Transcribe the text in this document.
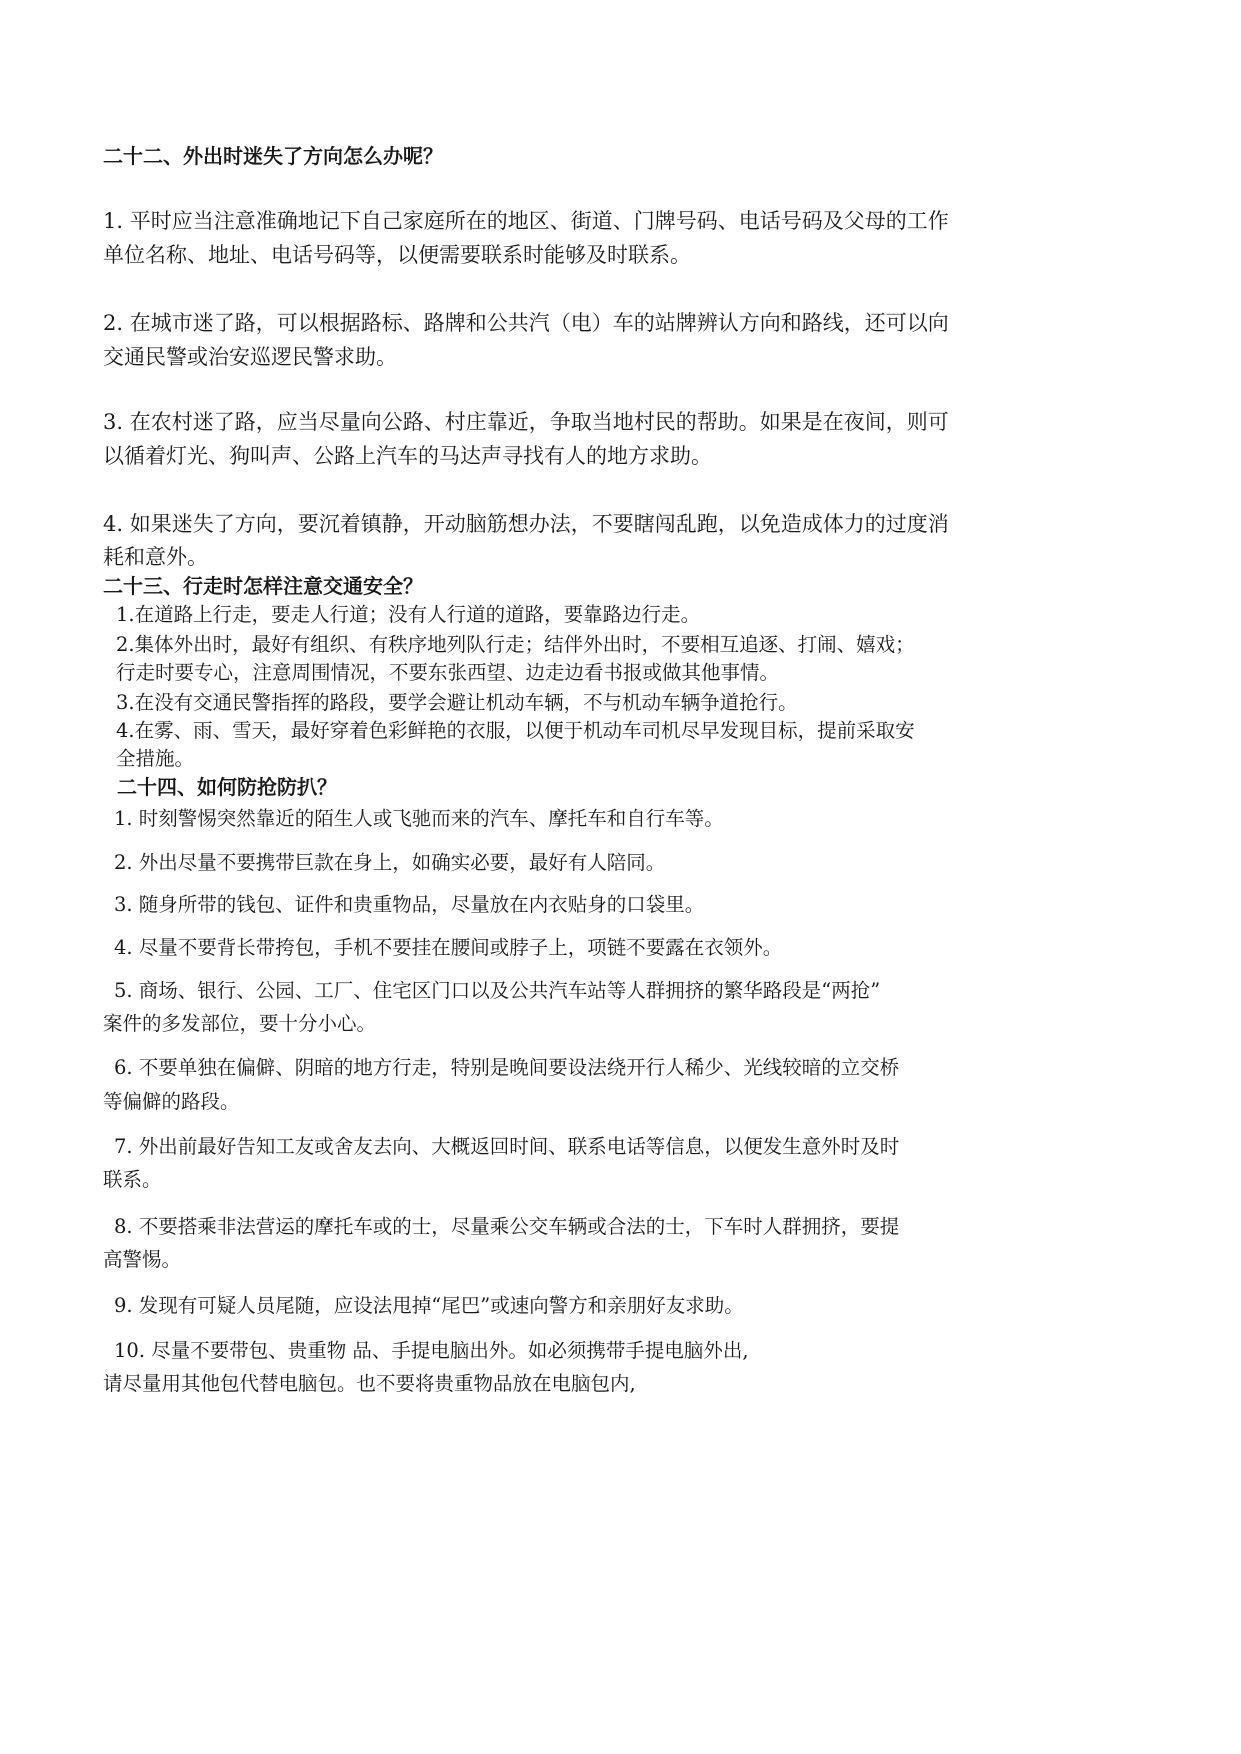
二十二、外出时迷失了方向怎么办呢？
1. 平时应当注意准确地记下自己家庭所在的地区、街道、门牌号码、电话号码及父母的工作
单位名称、地址、电话号码等，以便需要联系时能够及时联系。
2. 在城市迷了路，可以根据路标、路牌和公共汽（电）车的站牌辨认方向和路线，还可以向
交通民警或治安巡逻民警求助。
3. 在农村迷了路，应当尽量向公路、村庄靠近，争取当地村民的帮助。如果是在夜间，则可
以循着灯光、狗叫声、公路上汽车的马达声寻找有人的地方求助。
4. 如果迷失了方向，要沉着镇静，开动脑筋想办法，不要瞎闯乱跑，以免造成体力的过度消
耗和意外。
二十三、行走时怎样注意交通安全？
1.在道路上行走，要走人行道；没有人行道的道路，要靠路边行走。
2.集体外出时，最好有组织、有秩序地列队行走；结伴外出时，不要相互追逐、打闹、嬉戏；
行走时要专心，注意周围情况，不要东张西望、边走边看书报或做其他事情。
3.在没有交通民警指挥的路段，要学会避让机动车辆，不与机动车辆争道抢行。
4.在雾、雨、雪天，最好穿着色彩鲜艳的衣服，以便于机动车司机尽早发现目标，提前采取安
全措施。
二十四、如何防抢防扒？
1. 时刻警惕突然靠近的陌生人或飞驰而来的汽车、摩托车和自行车等。
2. 外出尽量不要携带巨款在身上，如确实必要，最好有人陪同。
3. 随身所带的钱包、证件和贵重物品，尽量放在内衣贴身的口袋里。
4. 尽量不要背长带挎包，手机不要挂在腰间或脖子上，项链不要露在衣领外。
5. 商场、银行、公园、工厂、住宅区门口以及公共汽车站等人群拥挤的繁华路段是“两抢”
案件的多发部位，要十分小心。
6. 不要单独在偏僻、阴暗的地方行走，特别是晚间要设法绕开行人稀少、光线较暗的立交桥
等偏僻的路段。
7. 外出前最好告知工友或舍友去向、大概返回时间、联系电话等信息，以便发生意外时及时
联系。
8. 不要搭乘非法营运的摩托车或的士，尽量乘公交车辆或合法的士，下车时人群拥挤，要提
高警惕。
9. 发现有可疑人员尾随，应设法甩掉“尾巴”或速向警方和亲朋好友求助。
10. 尽量不要带包、贵重物 品、手提电脑出外。如必须携带手提电脑外出,
请尽量用其他包代替电脑包。也不要将贵重物品放在电脑包内,
